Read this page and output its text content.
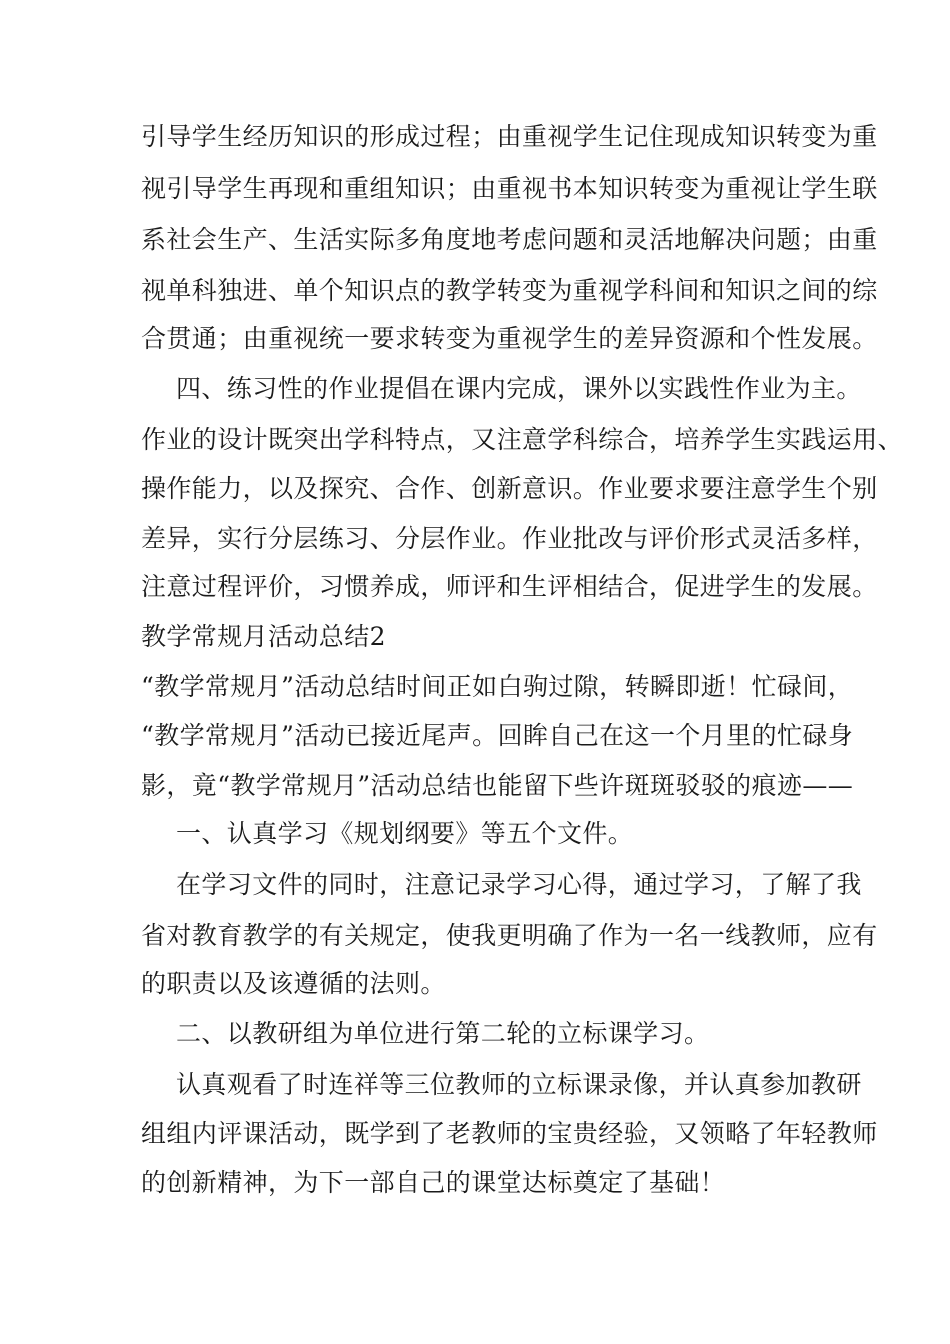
引导学生经历知识的形成过程；由重视学生记住现成知识转变为重
视引导学生再现和重组知识；由重视书本知识转变为重视让学生联
系社会生产、生活实际多角度地考虑问题和灵活地解决问题；由重
视单科独进、单个知识点的教学转变为重视学科间和知识之间的综
合贯通；由重视统一要求转变为重视学生的差异资源和个性发展。
四、练习性的作业提倡在课内完成，课外以实践性作业为主。
作业的设计既突出学科特点，又注意学科综合，培养学生实践运用、
操作能力，以及探究、合作、创新意识。作业要求要注意学生个别
差异，实行分层练习、分层作业。作业批改与评价形式灵活多样，
注意过程评价，习惯养成，师评和生评相结合，促进学生的发展。
教学常规月活动总结2
“教学常规月”活动总结时间正如白驹过隙，转瞬即逝！忙碌间，
“教学常规月”活动已接近尾声。回眸自己在这一个月里的忙碌身
影，竟“教学常规月”活动总结也能留下些许斑斑驳驳的痕迹——
一、认真学习《规划纲要》等五个文件。
在学习文件的同时，注意记录学习心得，通过学习，了解了我
省对教育教学的有关规定，使我更明确了作为一名一线教师，应有
的职责以及该遵循的法则。
二、以教研组为单位进行第二轮的立标课学习。
认真观看了时连祥等三位教师的立标课录像，并认真参加教研
组组内评课活动，既学到了老教师的宝贵经验，又领略了年轻教师
的创新精神，为下一部自己的课堂达标奠定了基础！
